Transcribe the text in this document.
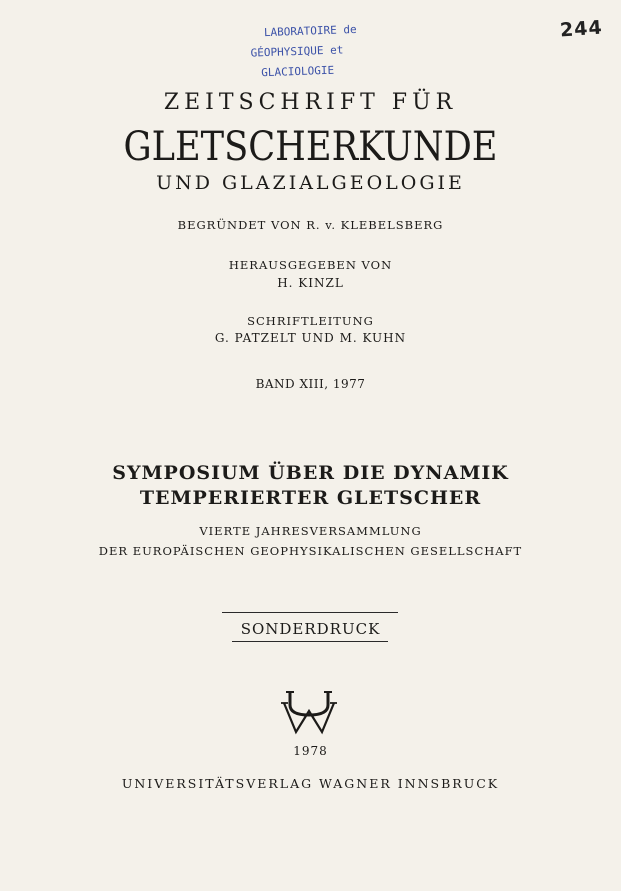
LABORATOIRE de
GÉOPHYSIQUE et GLACIOLOGIE
244
ZEITSCHRIFT FÜR
GLETSCHERKUNDE
UND GLAZIALGEOLOGIE
BEGRÜNDET VON R. v. KLEBELSBERG
HERAUSGEGEBEN VON
H. KINZL
SCHRIFTLEITUNG
G. PATZELT UND M. KUHN
BAND XIII, 1977
SYMPOSIUM ÜBER DIE DYNAMIK
TEMPERIERTER GLETSCHER
VIERTE JAHRESVERSAMMLUNG
DER EUROPÄISCHEN GEOPHYSIKALISCHEN GESELLSCHAFT
SONDERDRUCK
1978
UNIVERSITÄTSVERLAG WAGNER INNSBRUCK
